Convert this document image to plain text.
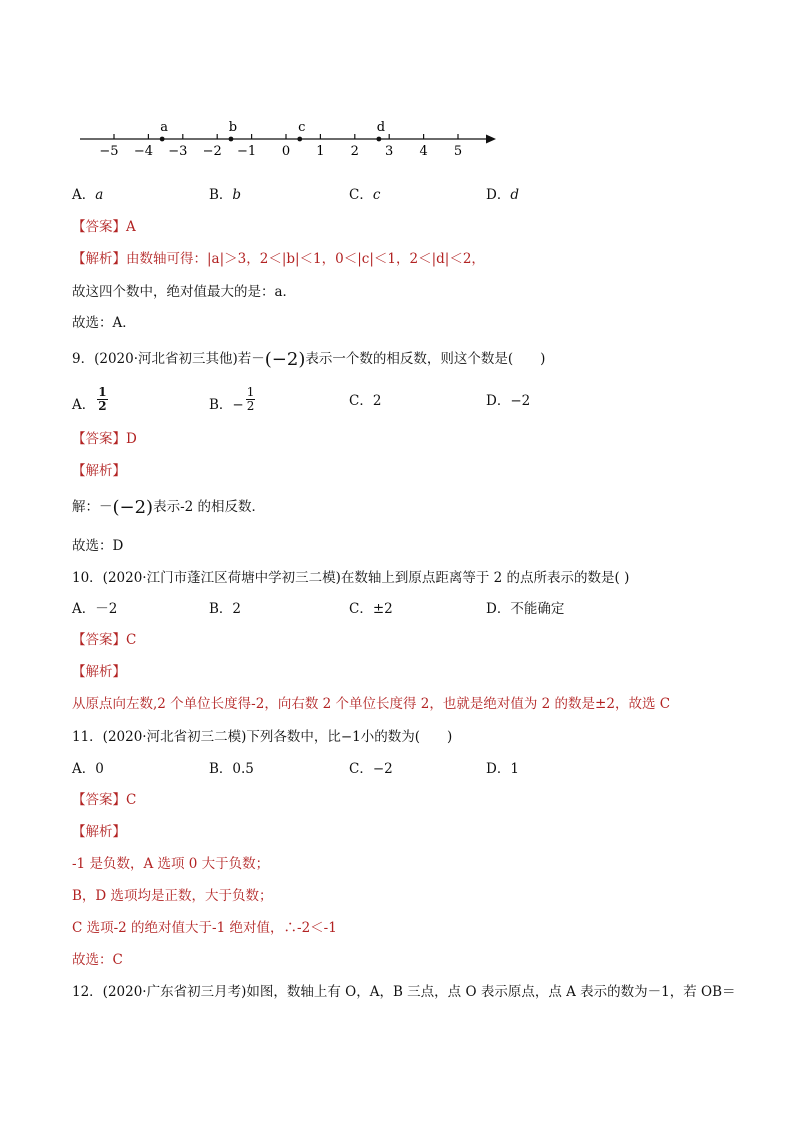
−5 −4 −3 −2 −1 0 1 2 3 4 5
a	b	c	d
A．a	B．b	C．c	D．d
【答案】A
【解析】由数轴可得：|a|＞3，2＜|b|＜1，0＜|c|＜1，2＜|d|＜2，
故这四个数中，绝对值最大的是：a．
故选：A．
9．(2020·河北省初三其他)若－(−2)表示一个数的相反数，则这个数是(　　)
A． $\frac{1}{2}$	B．− $\frac{1}{2}$	C．2	D．−2
【答案】D
【解析】
解：－(−2)表示-2 的相反数．
故选：D
10．(2020·江门市蓬江区荷塘中学初三二模)在数轴上到原点距离等于 2 的点所表示的数是( )
A．－2	B．2	C．±2	D．不能确定
【答案】C
【解析】
从原点向左数,2 个单位长度得-2，向右数 2 个单位长度得 2，也就是绝对值为 2 的数是±2，故选 C
11．(2020·河北省初三二模)下列各数中，比−1小的数为(　　)
A．0	B．0.5	C．−2	D．1
【答案】C
【解析】
-1 是负数，A 选项 0 大于负数；
B，D 选项均是正数，大于负数；
C 选项-2 的绝对值大于-1 绝对值，∴-2＜-1
故选：C
12．(2020·广东省初三月考)如图，数轴上有 O，A，B 三点，点 O 表示原点，点 A 表示的数为－1，若 OB＝
